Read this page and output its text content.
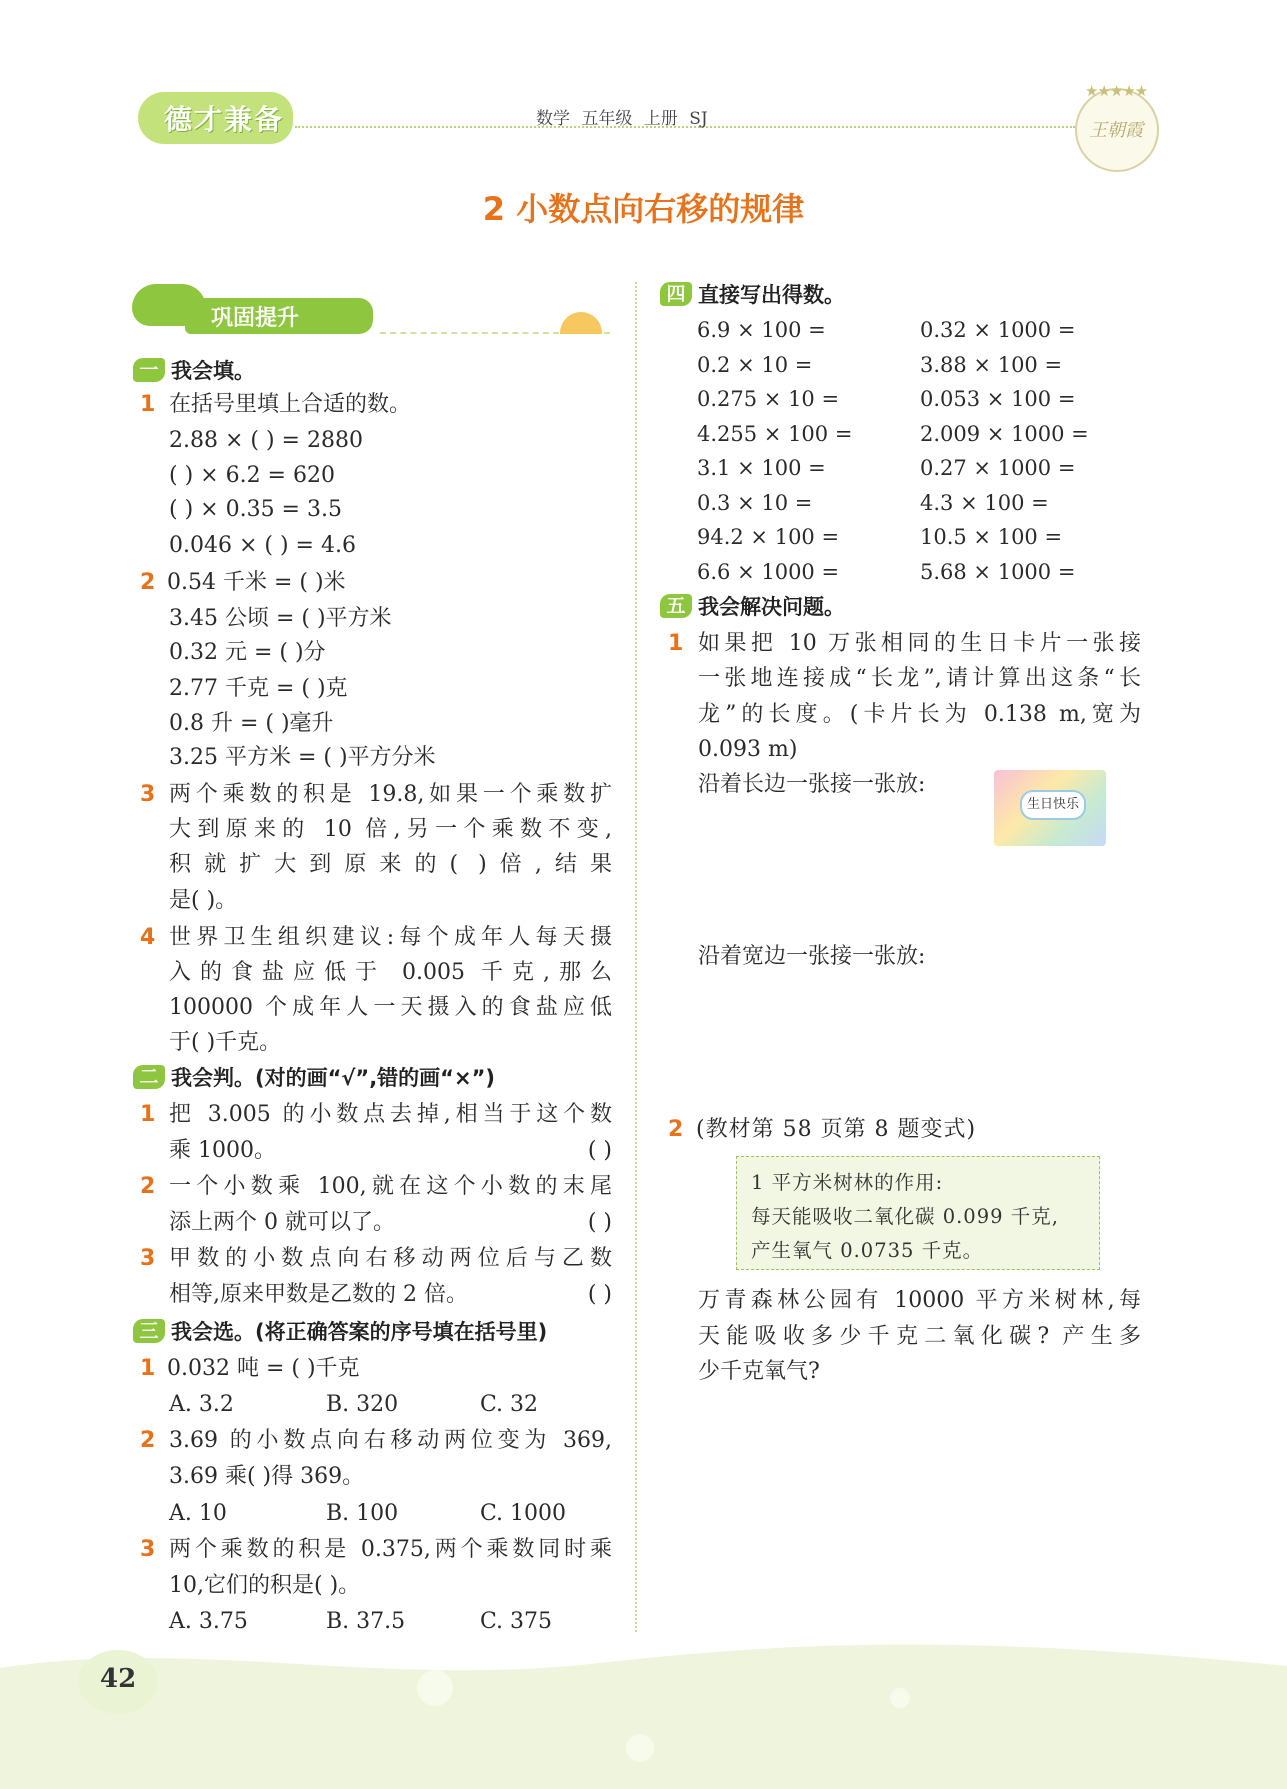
德才兼备	数学 五年级 上册 SJ
★★★★★
王朝霞
2 小数点向右移的规律
巩固提升
一 我会填。
1 在括号里填上合适的数。
2.88 × ( ) = 2880
( ) × 6.2 = 620
( ) × 0.35 = 3.5
0.046 × ( ) = 4.6
2 0.54 千米 = ( )米
3.45 公顷 = ( )平方米
0.32 元 = ( )分
2.77 千克 = ( )克
0.8 升 = ( )毫升
3.25 平方米 = ( )平方分米
3 两个乘数的积是 19.8,如果一个乘数扩
大到原来的 10 倍,另一个乘数不变,
积就扩大到原来的( )倍,结果
是( )。
4 世界卫生组织建议:每个成年人每天摄
入的食盐应低于 0.005 千克,那么
100000 个成年人一天摄入的食盐应低
于( )千克。
二 我会判。(对的画“√”,错的画“×”)
1 把 3.005 的小数点去掉,相当于这个数
乘 1000。	( )
2 一个小数乘 100,就在这个小数的末尾
添上两个 0 就可以了。	( )
3 甲数的小数点向右移动两位后与乙数
相等,原来甲数是乙数的 2 倍。	( )
三 我会选。(将正确答案的序号填在括号里)
1 0.032 吨 = ( )千克
A. 3.2	B. 320	C. 32
2 3.69 的小数点向右移动两位变为 369,
3.69 乘( )得 369。
A. 10	B. 100	C. 1000
3 两个乘数的积是 0.375,两个乘数同时乘
10,它们的积是( )。
A. 3.75	B. 37.5	C. 375
四 直接写出得数。
6.9 × 100 =	0.32 × 1000 =
0.2 × 10 =	3.88 × 100 =
0.275 × 10 =	0.053 × 100 =
4.255 × 100 =	2.009 × 1000 =
3.1 × 100 =	0.27 × 1000 =
0.3 × 10 =	4.3 × 100 =
94.2 × 100 =	10.5 × 100 =
6.6 × 1000 =	5.68 × 1000 =
五 我会解决问题。
1 如果把 10 万张相同的生日卡片一张接
一张地连接成“长龙”,请计算出这条“长
龙”的长度。(卡片长为 0.138 m,宽为
0.093 m)
沿着长边一张接一张放:
生日快乐
沿着宽边一张接一张放:
2 (教材第 58 页第 8 题变式)
1 平方米树林的作用:
每天能吸收二氧化碳 0.099 千克,
产生氧气 0.0735 千克。
万青森林公园有 10000 平方米树林,每
天能吸收多少千克二氧化碳? 产生多
少千克氧气?
42
